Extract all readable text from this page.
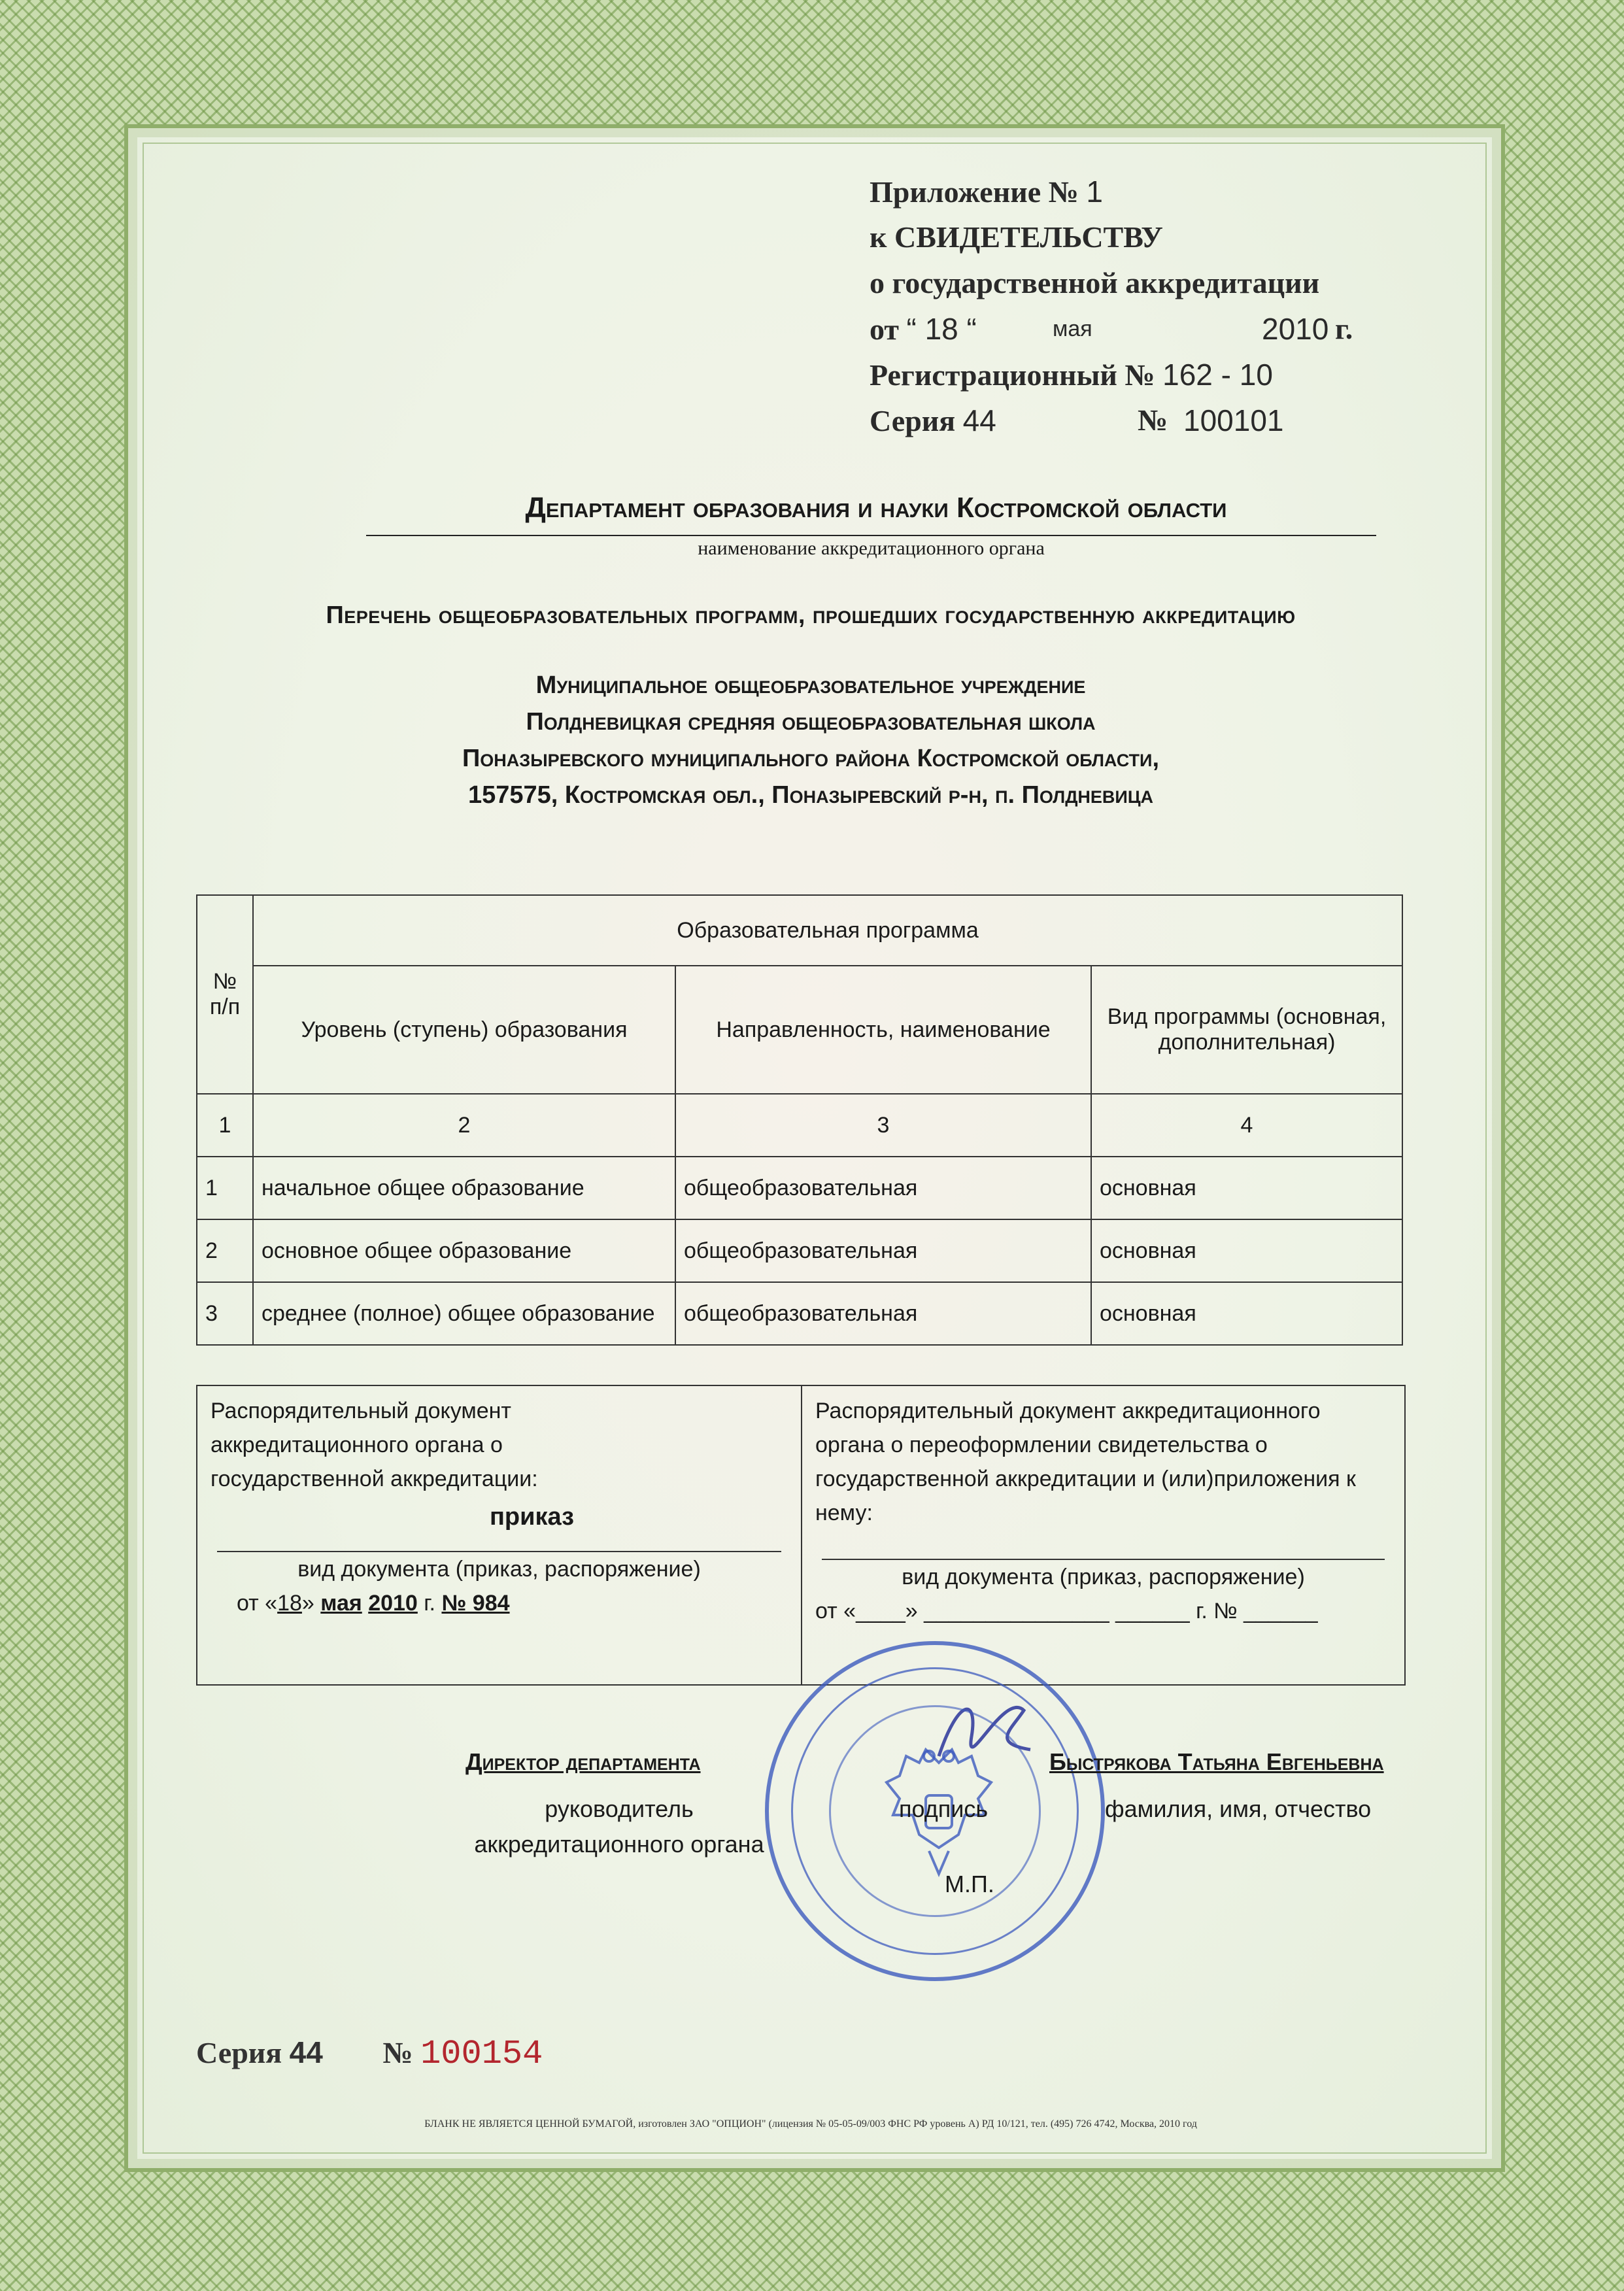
Приложение № 1
к СВИДЕТЕЛЬСТВУ
о государственной аккредитации
от “ 18 “	мая	2010 г.
Регистрационный № 162 - 10
Серия 44	№ 100101
Департамент образования и науки Костромской области
наименование аккредитационного органа
Перечень общеобразовательных программ, прошедших государственную аккредитацию
Муниципальное общеобразовательное учреждение
Полдневицкая средняя общеобразовательная школа
Поназыревского муниципального района Костромской области,
157575, Костромская обл., Поназыревский р-н, п. Полдневица
№ п/п	Образовательная программа		
	Уровень (ступень) образования	Направленность, наименование	Вид программы (основная, дополнительная)
1	2	3	4
1	начальное общее образование	общеобразовательная	основная
2	основное общее образование	общеобразовательная	основная
3	среднее (полное) общее образование	общеобразовательная	основная
Распорядительный документ аккредитационного органа о государственной аккредитации:
приказ
вид документа (приказ, распоряжение)
от «18» мая 2010 г. № 984
Распорядительный документ аккредитационного органа о переоформлении свидетельства о государственной аккредитации и (или)приложения к нему:
вид документа (приказ, распоряжение)
от «____» _______________ ______ г. № ______
Директор департамента
руководитель
аккредитационного органа
подпись
М.П.
Быстрякова Татьяна Евгеньевна
фамилия, имя, отчество
Серия 44 № 100154
БЛАНК НЕ ЯВЛЯЕТСЯ ЦЕННОЙ БУМАГОЙ, изготовлен ЗАО "ОПЦИОН" (лицензия № 05-05-09/003 ФНС РФ уровень А) РД 10/121, тел. (495) 726 4742, Москва, 2010 год
